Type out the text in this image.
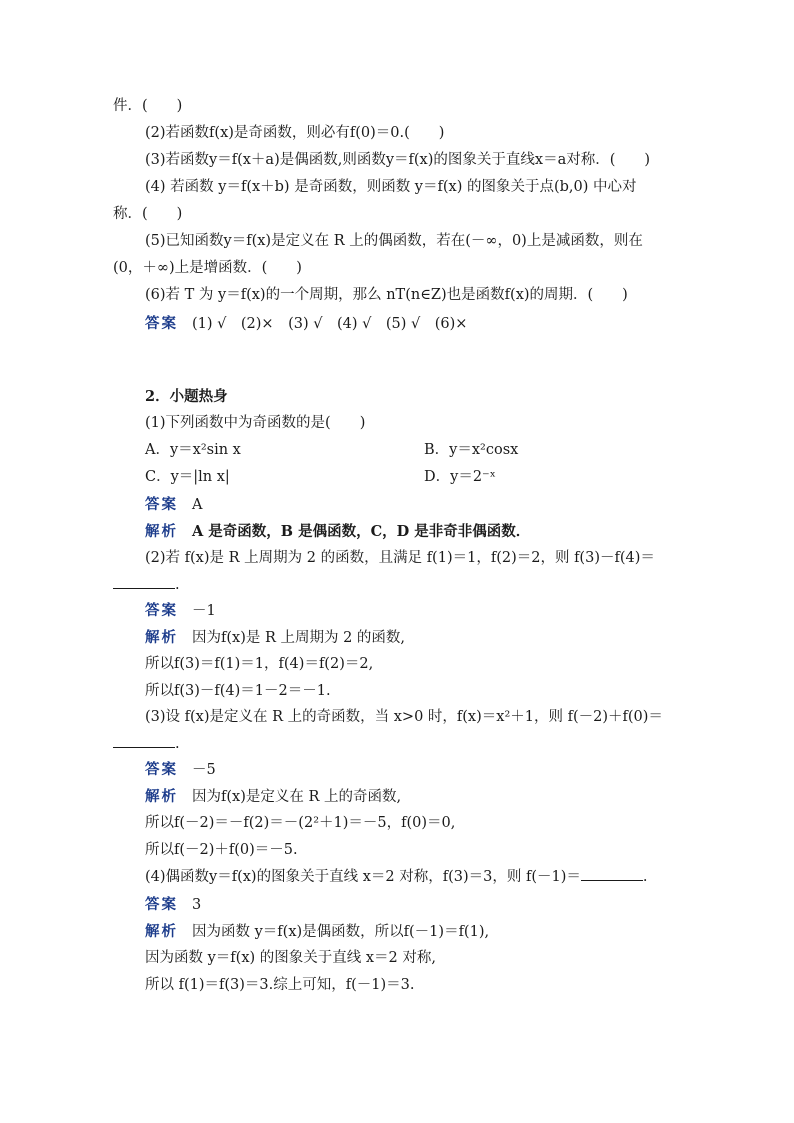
件．(　　)
(2)若函数f(x)是奇函数，则必有f(0)＝0.(　　)
(3)若函数y＝f(x＋a)是偶函数,则函数y＝f(x)的图象关于直线x＝a对称．(　　)
(4) 若函数 y＝f(x＋b) 是奇函数，则函数 y＝f(x) 的图象关于点(b,0) 中心对
称．(　　)
(5)已知函数y＝f(x)是定义在 R 上的偶函数，若在(－∞，0)上是减函数，则在
(0，＋∞)上是增函数．(　　)
(6)若 T 为 y＝f(x)的一个周期，那么 nT(n∈Z)也是函数f(x)的周期．(　　)
答案 (1) √　(2)×　(3) √　(4) √　(5) √　(6)×
2．小题热身
(1)下列函数中为奇函数的是(　　)
A．y＝x²sin x	B．y＝x²cosx
C．y＝|ln x|	D．y＝2⁻ˣ
答案 A
解析 A 是奇函数，B 是偶函数，C，D 是非奇非偶函数．
(2)若 f(x)是 R 上周期为 2 的函数，且满足 f(1)＝1，f(2)＝2，则 f(3)－f(4)＝
.
答案 －1
解析 因为f(x)是 R 上周期为 2 的函数,
所以f(3)＝f(1)＝1，f(4)＝f(2)＝2,
所以f(3)－f(4)＝1－2＝－1.
(3)设 f(x)是定义在 R 上的奇函数，当 x>0 时，f(x)＝x²＋1，则 f(－2)＋f(0)＝
.
答案 －5
解析 因为f(x)是定义在 R 上的奇函数,
所以f(－2)＝－f(2)＝－(2²＋1)＝－5，f(0)＝0,
所以f(－2)＋f(0)＝－5.
(4)偶函数y＝f(x)的图象关于直线 x＝2 对称，f(3)＝3，则 f(－1)＝	.
答案 3
解析 因为函数 y＝f(x)是偶函数，所以f(－1)＝f(1),
因为函数 y＝f(x) 的图象关于直线 x＝2 对称,
所以 f(1)＝f(3)＝3.综上可知，f(－1)＝3.
